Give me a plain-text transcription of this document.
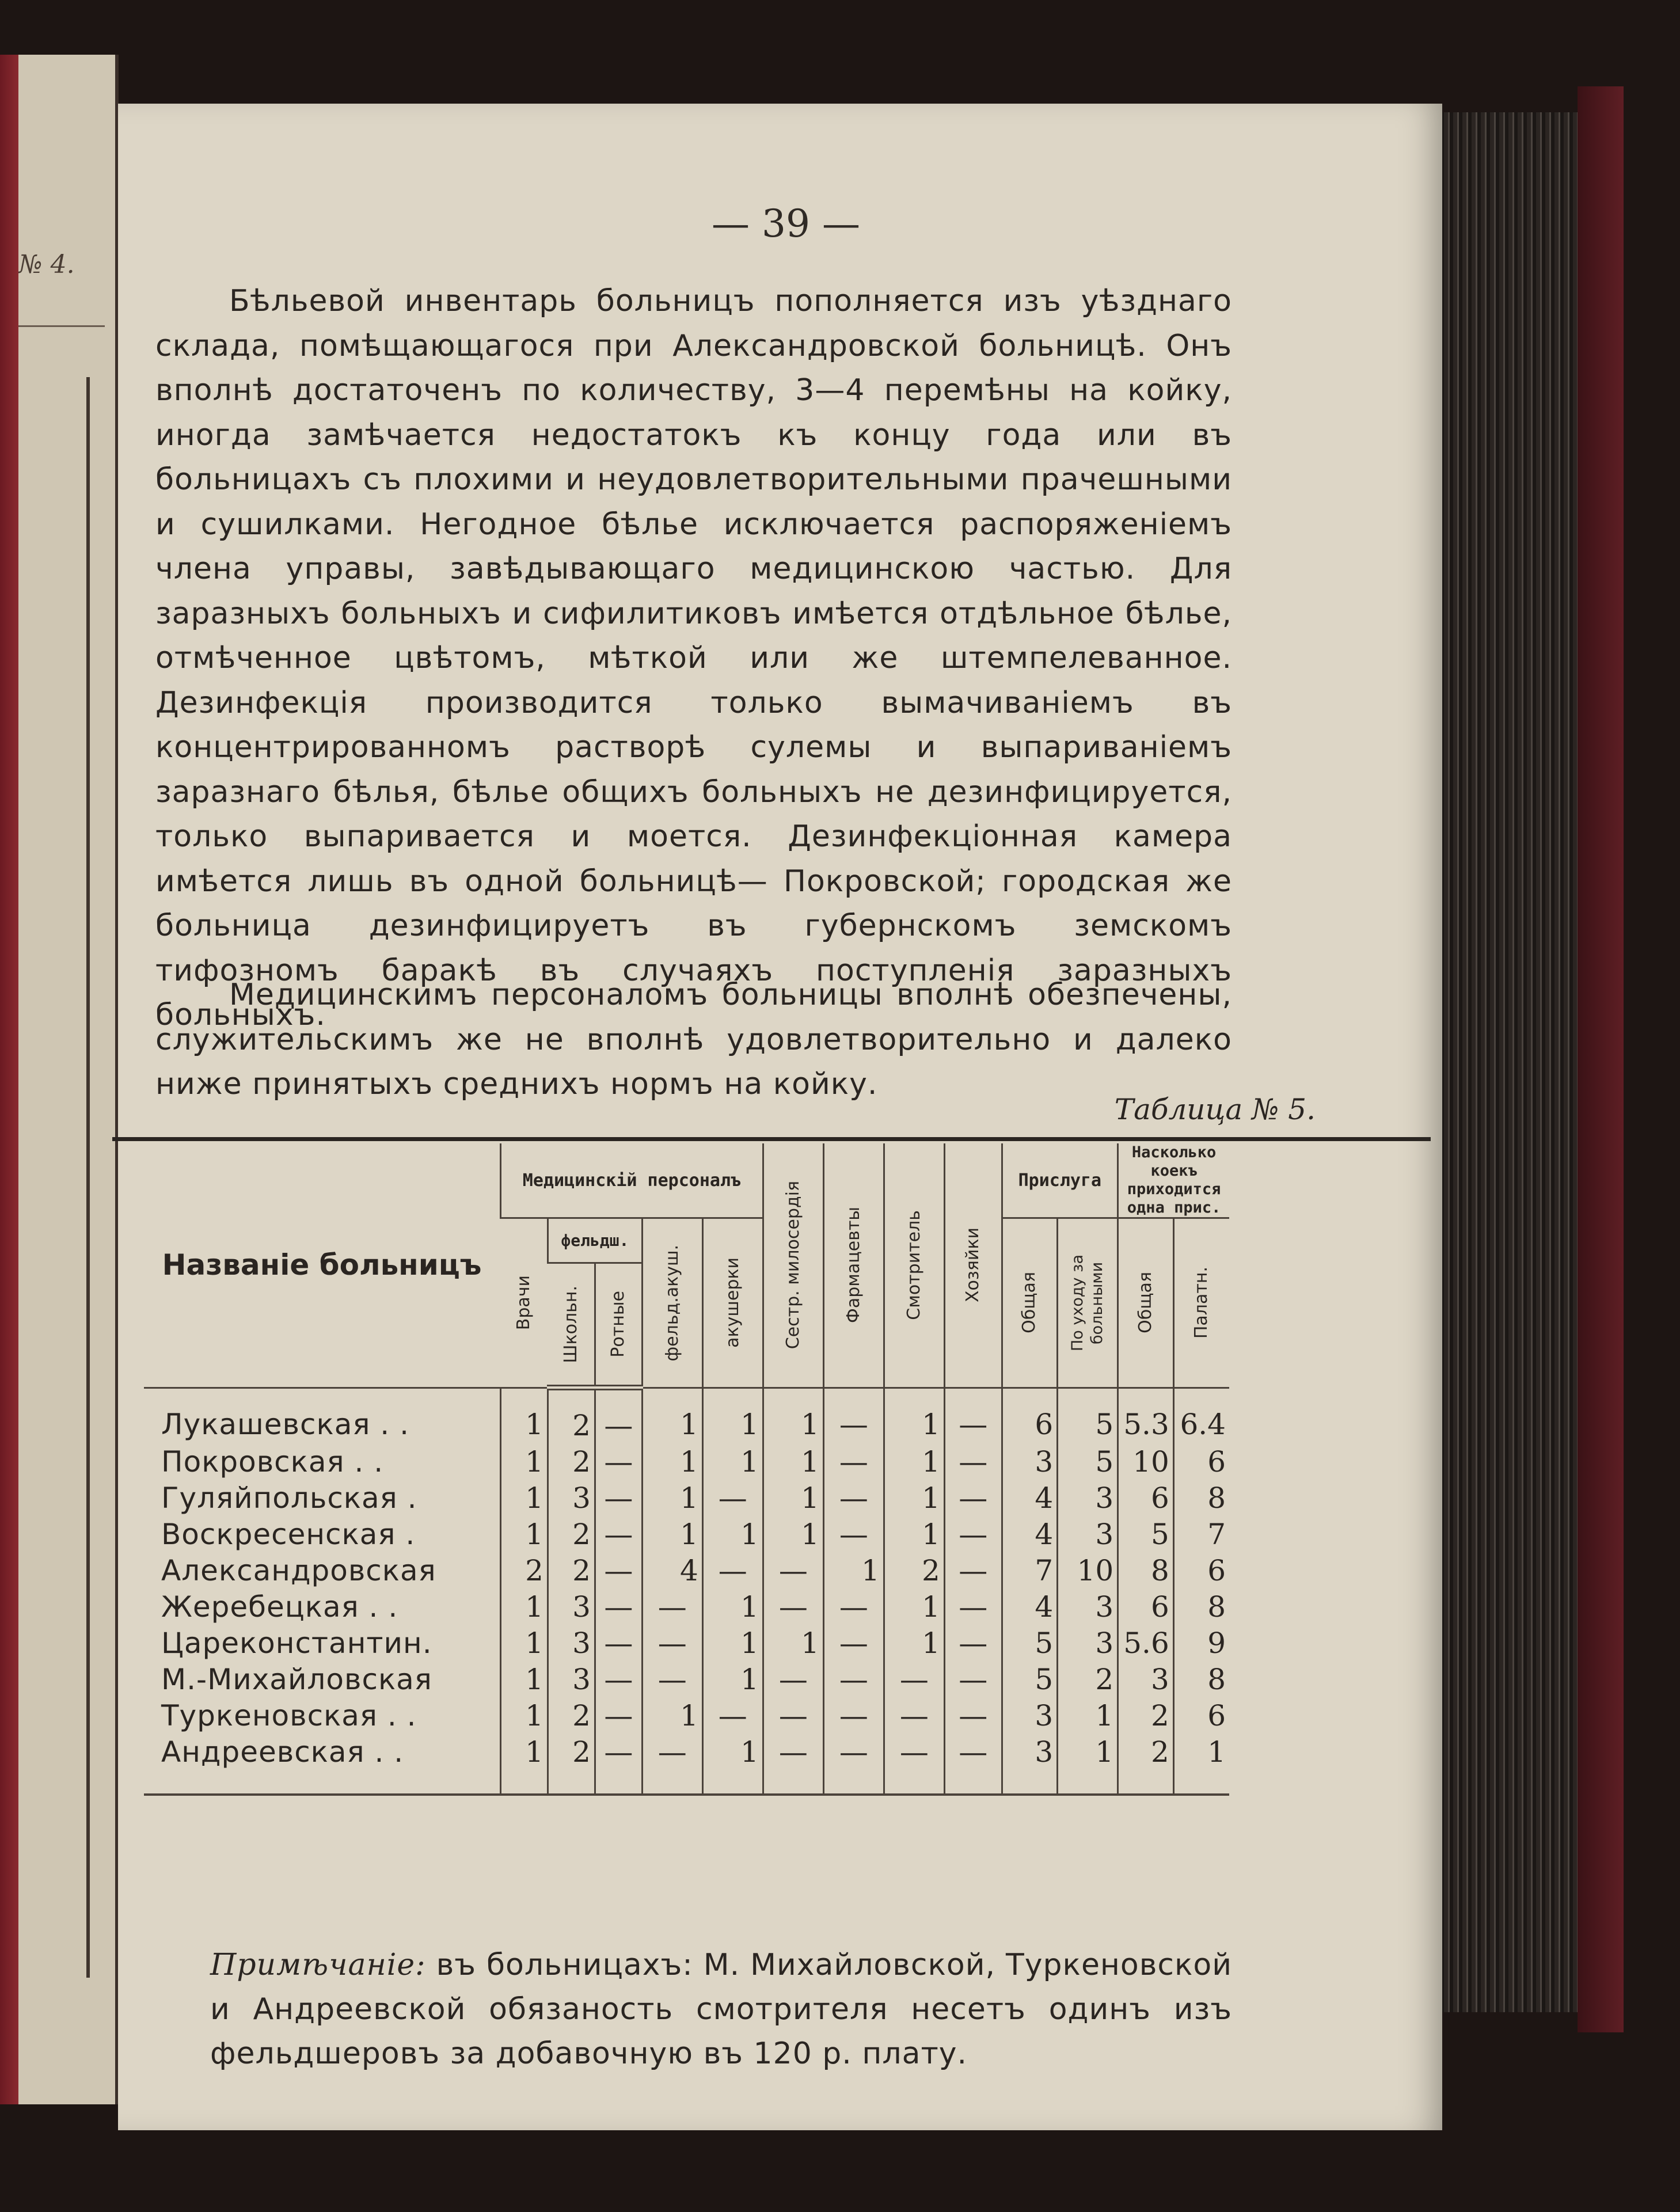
№ 4.
— 39 —

Бѣльевой инвентарь больницъ пополняется изъ уѣзднаго склада, помѣщающагося при Александровской больницѣ. Онъ вполнѣ достаточенъ по количеству, 3—4 перемѣны на койку, иногда замѣчается недостатокъ къ концу года или въ больницахъ съ плохими и неудовлетворительными прачешными и сушилками. Негодное бѣлье исключается распоряженіемъ члена управы, завѣдывающаго медицинскою частью. Для заразныхъ больныхъ и сифилитиковъ имѣется отдѣльное бѣлье, отмѣченное цвѣтомъ, мѣткой или же штемпелеванное. Дезинфекція производится только вымачиваніемъ въ концентрированномъ растворѣ сулемы и выпариваніемъ заразнаго бѣлья, бѣлье общихъ больныхъ не дезинфицируется, только выпаривается и моется. Дезинфекціонная камера имѣется лишь въ одной больницѣ— Покровской; городская же больница дезинфицируетъ въ губернскомъ земскомъ тифозномъ баракѣ въ случаяхъ поступленія заразныхъ больныхъ.

Медицинскимъ персоналомъ больницы вполнѣ обезпечены, служительскимъ же не вполнѣ удовлетворительно и далеко ниже принятыхъ среднихъ нормъ на койку.

Таблица № 5.
Названіе больницъ	Медицинскій персоналъ					Сестр. милосердія	Фармацевты	Смотритель	Хозяйки	Прислуга		Насколько коекъ приходится одна прис.	

	Врачи	фельдш.		фельд.акуш.	акушерки					Общая	По уходу за больными	Общая	Палатн.

		Школьн.	Ротные										

Лукашевская . .	1	2	—	1	1	1	—	1	—	6	5	5.3	6.4
Покровская . .	1	2	—	1	1	1	—	1	—	3	5	10	6
Гуляйпольская .	1	3	—	1	—	1	—	1	—	4	3	6	8
Воскресенская .	1	2	—	1	1	1	—	1	—	4	3	5	7
Александровская	2	2	—	4	—	—	1	2	—	7	10	8	6
Жеребецкая . .	1	3	—	—	1	—	—	1	—	4	3	6	8
Цареконстантин.	1	3	—	—	1	1	—	1	—	5	3	5.6	9
М.-Михайловская	1	3	—	—	1	—	—	—	—	5	2	3	8
Туркеновская . .	1	2	—	1	—	—	—	—	—	3	1	2	6
Андреевская . .	1	2	—	—	1	—	—	—	—	3	1	2	1

Примѣчаніе: въ больницахъ: М. Михайловской, Туркеновской и Андреевской обязаность смотрителя несетъ одинъ изъ фельдшеровъ за добавочную въ 120 р. плату.
